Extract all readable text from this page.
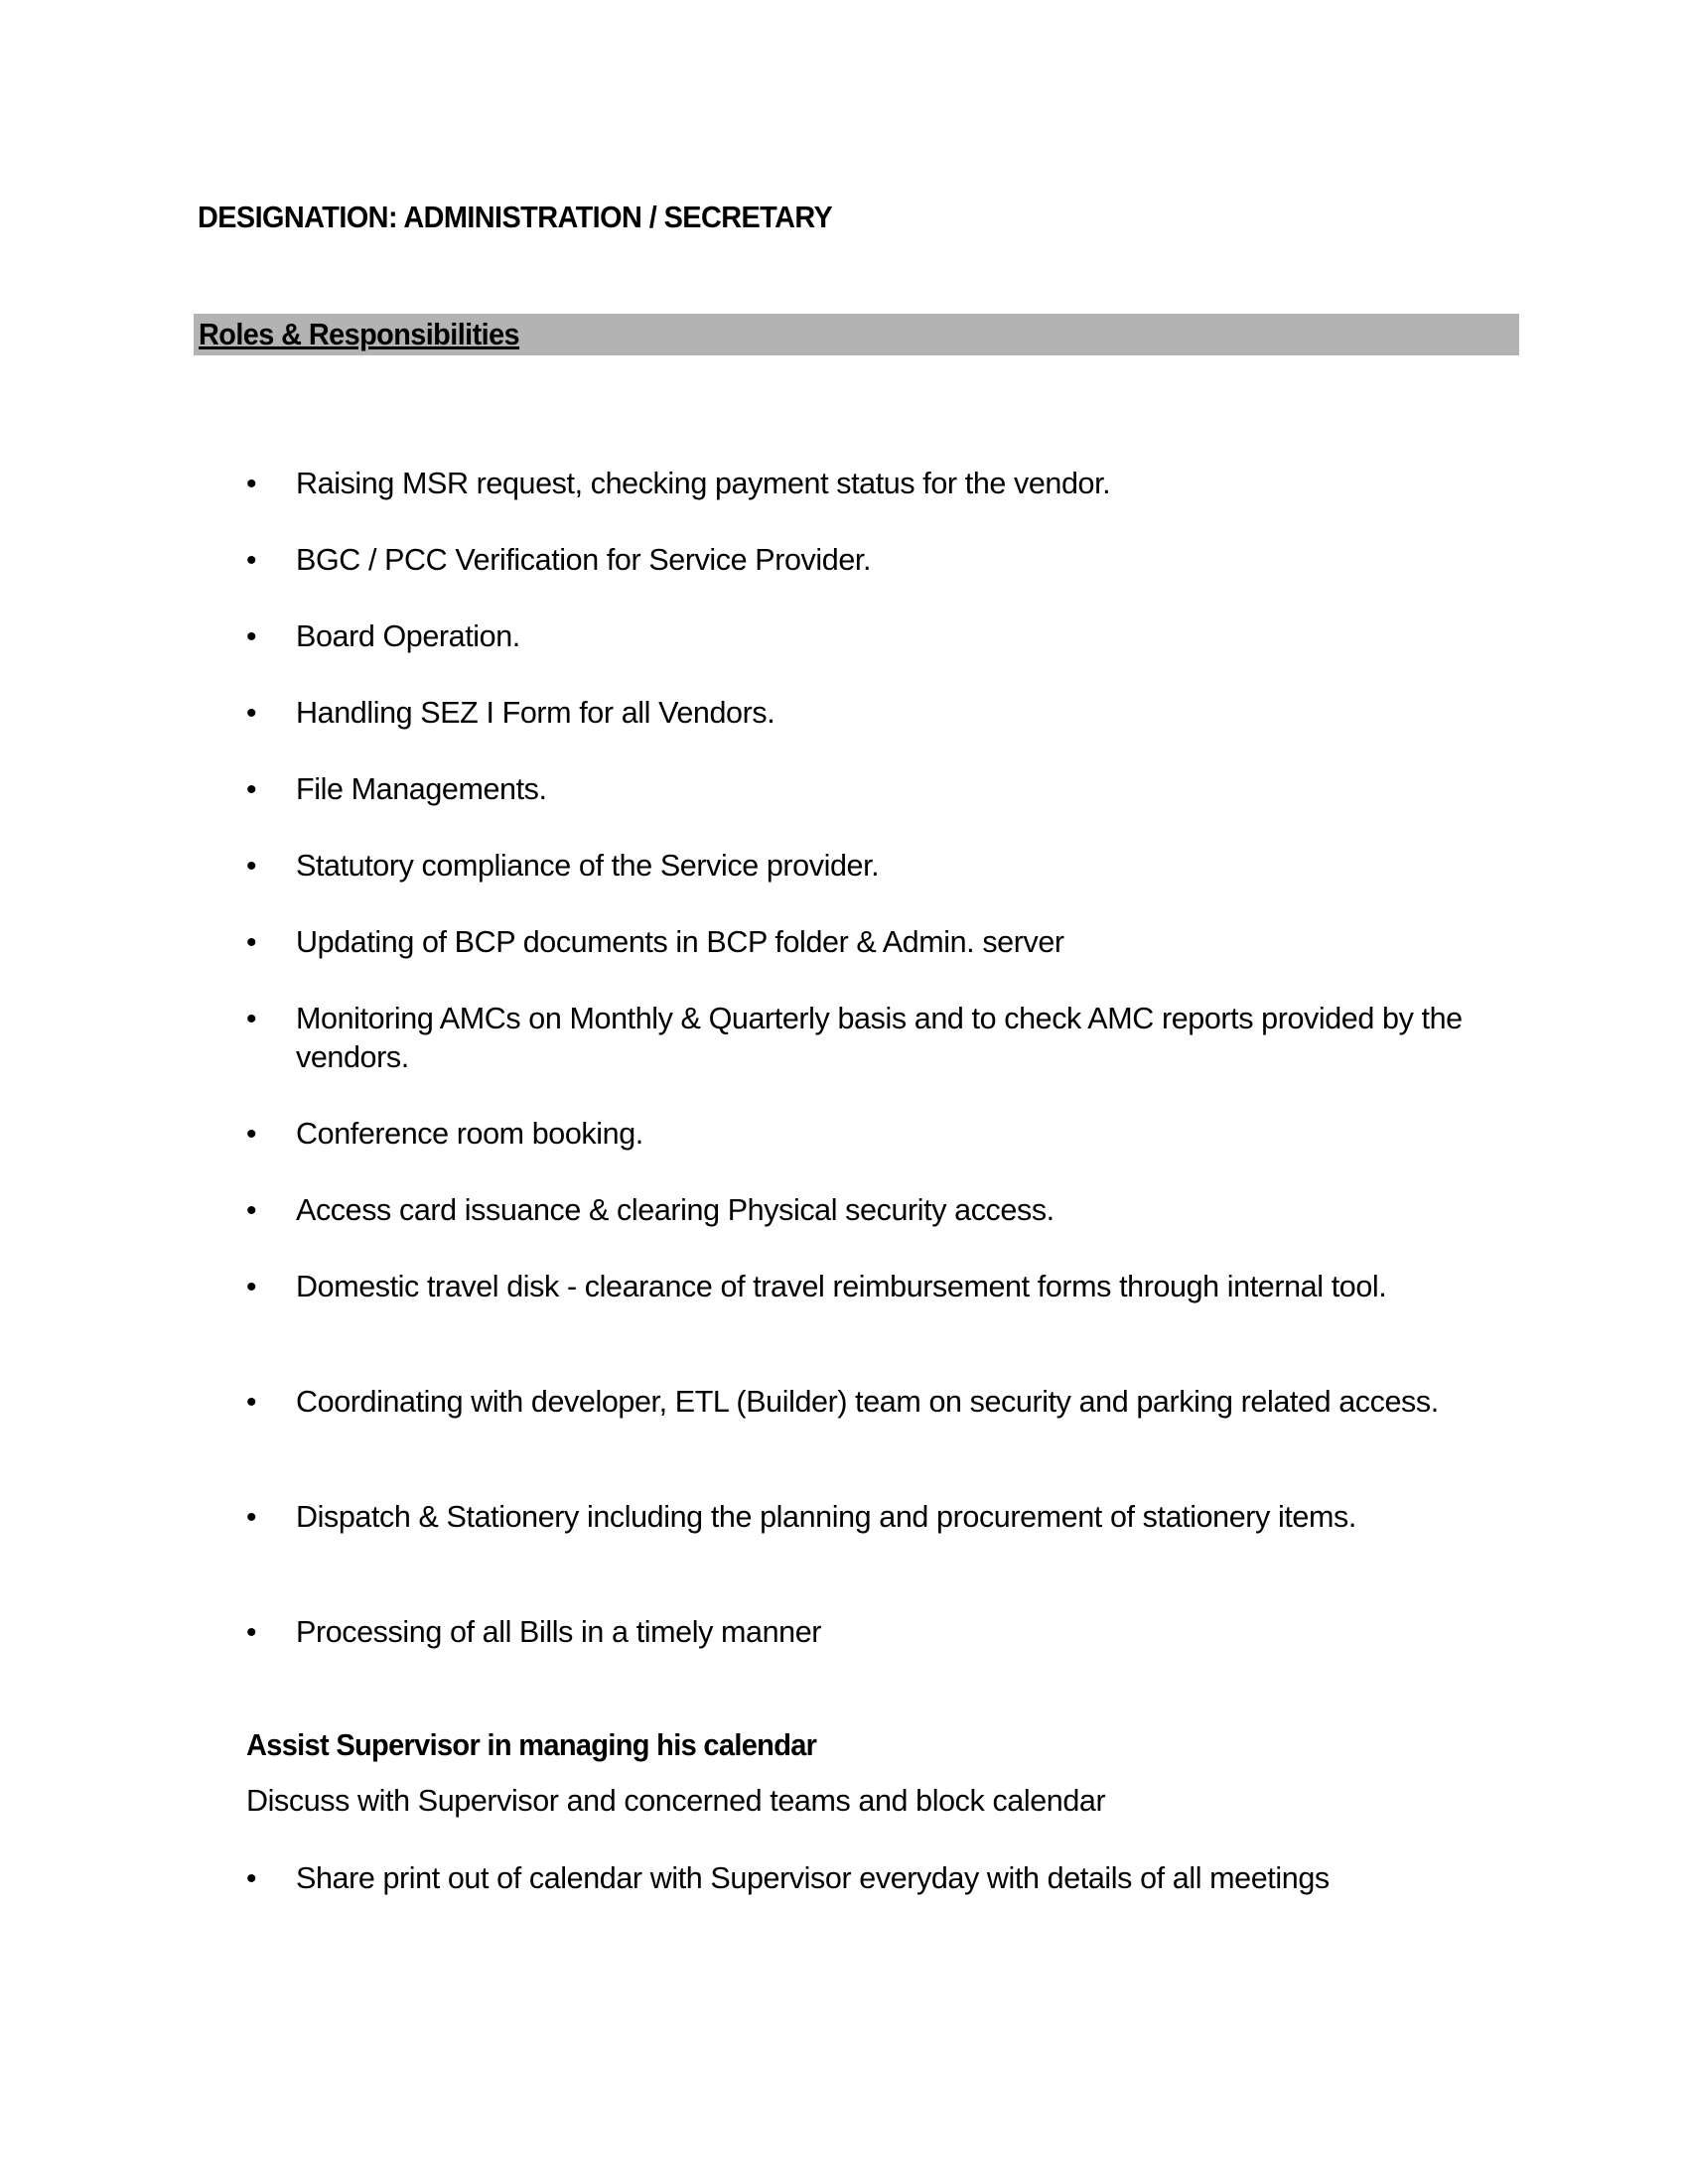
DESIGNATION: ADMINISTRATION / SECRETARY
Roles & Responsibilities
• Raising MSR request, checking payment status for the vendor.
• BGC / PCC Verification for Service Provider.
• Board Operation.
• Handling SEZ I Form for all Vendors.
• File Managements.
• Statutory compliance of the Service provider.
• Updating of BCP documents in BCP folder & Admin. server
• Monitoring AMCs on Monthly & Quarterly basis and to check AMC reports provided by the vendors.
• Conference room booking.
• Access card issuance & clearing Physical security access.
• Domestic travel disk - clearance of travel reimbursement forms through internal tool.
• Coordinating with developer, ETL (Builder) team on security and parking related access.
• Dispatch & Stationery including the planning and procurement of stationery items.
• Processing of all Bills in a timely manner
Assist Supervisor in managing his calendar
Discuss with Supervisor and concerned teams and block calendar
• Share print out of calendar with Supervisor everyday with details of all meetings
